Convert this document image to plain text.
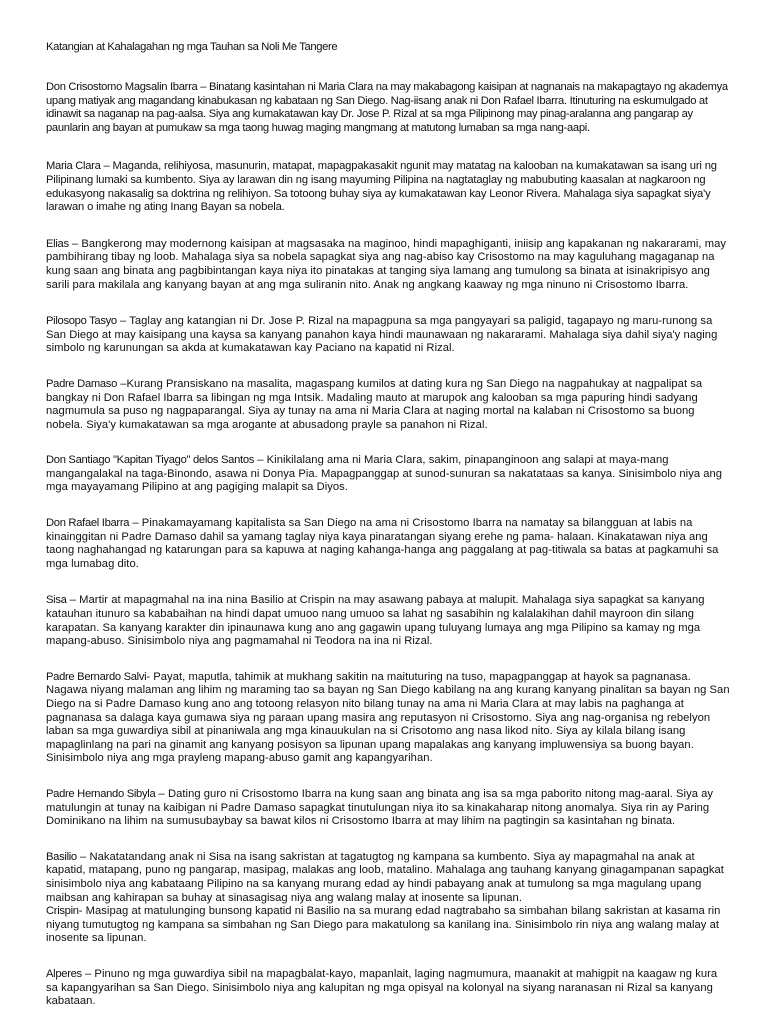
Katangian at Kahalagahan ng mga Tauhan sa Noli Me Tangere

Don Crisostomo Magsalin Ibarra – Binatang kasintahan ni Maria Clara na may makabagong kaisipan at nagnanais na makapagtayo ng akademya upang matiyak ang magandang kinabukasan ng kabataan ng San Diego. Nag-iisang anak ni Don Rafael Ibarra. Itinuturing na eskumulgado at idinawit sa naganap na pag-aalsa. Siya ang kumakatawan kay Dr. Jose P. Rizal at sa mga Pilipinong may pinag-aralanna ang pangarap ay paunlarin ang bayan at pumukaw sa mga taong huwag maging mangmang at matutong lumaban sa mga nang-aapi.

Maria Clara – Maganda, relihiyosa, masunurin, matapat, mapagpakasakit ngunit may matatag na kalooban na kumakatawan sa isang uri ng Pilipinang lumaki sa kumbento. Siya ay larawan din ng isang mayuming Pilipina na nagtataglay ng mabubuting kaasalan at nagkaroon ng edukasyong nakasalig sa doktrina ng relihiyon. Sa totoong buhay siya ay kumakatawan kay Leonor Rivera. Mahalaga siya sapagkat siya'y larawan o imahe ng ating Inang Bayan sa nobela.

Elias – Bangkerong may modernong kaisipan at magsasaka na maginoo, hindi mapaghiganti, iniisip ang kapakanan ng nakararami, may pambihirang tibay ng loob. Mahalaga siya sa nobela sapagkat siya ang nag-abiso kay Crisostomo na may kaguluhang magaganap na kung saan ang binata ang pagbibintangan kaya niya ito pinatakas at tanging siya lamang ang tumulong sa binata at isinakripisyo ang sarili para makilala ang kanyang bayan at ang mga suliranin nito. Anak ng angkang kaaway ng mga ninuno ni Crisostomo Ibarra.

Pilosopo Tasyo – Taglay ang katangian ni Dr. Jose P. Rizal na mapagpuna sa mga pangyayari sa paligid, tagapayo ng maru-runong sa San Diego at may kaisipang una kaysa sa kanyang panahon kaya hindi maunawaan ng nakararami. Mahalaga siya dahil siya'y naging simbolo ng karunungan sa akda at kumakatawan kay Paciano na kapatid ni Rizal.

Padre Damaso –Kurang Pransiskano na masalita, magaspang kumilos at dating kura ng San Diego na nagpahukay at nagpalipat sa bangkay ni Don Rafael Ibarra sa libingan ng mga Intsik. Madaling mauto at marupok ang kalooban sa mga papuring hindi sadyang nagmumula sa puso ng nagpaparangal. Siya ay tunay na ama ni Maria Clara at naging mortal na kalaban ni Crisostomo sa buong nobela. Siya'y kumakatawan sa mga arogante at abusadong prayle sa panahon ni Rizal.

Don Santiago "Kapitan Tiyago" delos Santos – Kinikilalang ama ni Maria Clara, sakim, pinapanginoon ang salapi at maya-mang mangangalakal na taga-Binondo, asawa ni Donya Pia. Mapagpanggap at sunod-sunuran sa nakatataas sa kanya. Sinisimbolo niya ang mga mayayamang Pilipino at ang pagiging malapit sa Diyos.

Don Rafael Ibarra – Pinakamayamang kapitalista sa San Diego na ama ni Crisostomo Ibarra na namatay sa bilangguan at labis na kinainggitan ni Padre Damaso dahil sa yamang taglay niya kaya pinaratangan siyang erehe ng pama- halaan. Kinakatawan niya ang taong naghahangad ng katarungan para sa kapuwa at naging kahanga-hanga ang paggalang at pag-titiwala sa batas at pagkamuhi sa mga lumabag dito.

Sisa – Martir at mapagmahal na ina nina Basilio at Crispin na may asawang pabaya at malupit. Mahalaga siya sapagkat sa kanyang katauhan itunuro sa kababaihan na hindi dapat umuoo nang umuoo sa lahat ng sasabihin ng kalalakihan dahil mayroon din silang karapatan. Sa kanyang karakter din ipinaunawa kung ano ang gagawin upang tuluyang lumaya ang mga Pilipino sa kamay ng mga mapang-abuso. Sinisimbolo niya ang pagmamahal ni Teodora na ina ni Rizal.

Padre Bernardo Salvi- Payat, maputla, tahimik at mukhang sakitin na maituturing na tuso, mapagpanggap at hayok sa pagnanasa. Nagawa niyang malaman ang lihim ng maraming tao sa bayan ng San Diego kabilang na ang kurang kanyang pinalitan sa bayan ng San Diego na si Padre Damaso kung ano ang totoong relasyon nito bilang tunay na ama ni Maria Clara at may labis na paghanga at pagnanasa sa dalaga kaya gumawa siya ng paraan upang masira ang reputasyon ni Crisostomo. Siya ang nag-organisa ng rebelyon laban sa mga guwardiya sibil at pinaniwala ang mga kinauukulan na si Crisotomo ang nasa likod nito. Siya ay kilala bilang isang mapaglinlang na pari na ginamit ang kanyang posisyon sa lipunan upang mapalakas ang kanyang impluwensiya sa buong bayan. Sinisimbolo niya ang mga prayleng mapang-abuso gamit ang kapangyarihan.

Padre Hernando Sibyla – Dating guro ni Crisostomo Ibarra na kung saan ang binata ang isa sa mga paborito nitong mag-aaral. Siya ay matulungin at tunay na kaibigan ni Padre Damaso sapagkat tinutulungan niya ito sa kinakaharap nitong anomalya. Siya rin ay Paring Dominikano na lihim na sumusubaybay sa bawat kilos ni Crisostomo Ibarra at may lihim na pagtingin sa kasintahan ng binata.

Basilio – Nakatatandang anak ni Sisa na isang sakristan at tagatugtog ng kampana sa kumbento. Siya ay mapagmahal na anak at kapatid, matapang, puno ng pangarap, masipag, malakas ang loob, matalino. Mahalaga ang tauhang kanyang ginagampanan sapagkat sinisimbolo niya ang kabataang Pilipino na sa kanyang murang edad ay hindi pabayang anak at tumulong sa mga magulang upang maibsan ang kahirapan sa buhay at sinasagisag niya ang walang malay at inosente sa lipunan.

Crispin- Masipag at matulunging bunsong kapatid ni Basilio na sa murang edad nagtrabaho sa simbahan bilang sakristan at kasama rin niyang tumutugtog ng kampana sa simbahan ng San Diego para makatulong sa kanilang ina. Sinisimbolo rin niya ang walang malay at inosente sa lipunan.

Alperes – Pinuno ng mga guwardiya sibil na mapagbalat-kayo, mapanlait, laging nagmumura, maanakit at mahigpit na kaagaw ng kura sa kapangyarihan sa San Diego. Sinisimbolo niya ang kalupitan ng mga opisyal na kolonyal na siyang naranasan ni Rizal sa kanyang kabataan.
